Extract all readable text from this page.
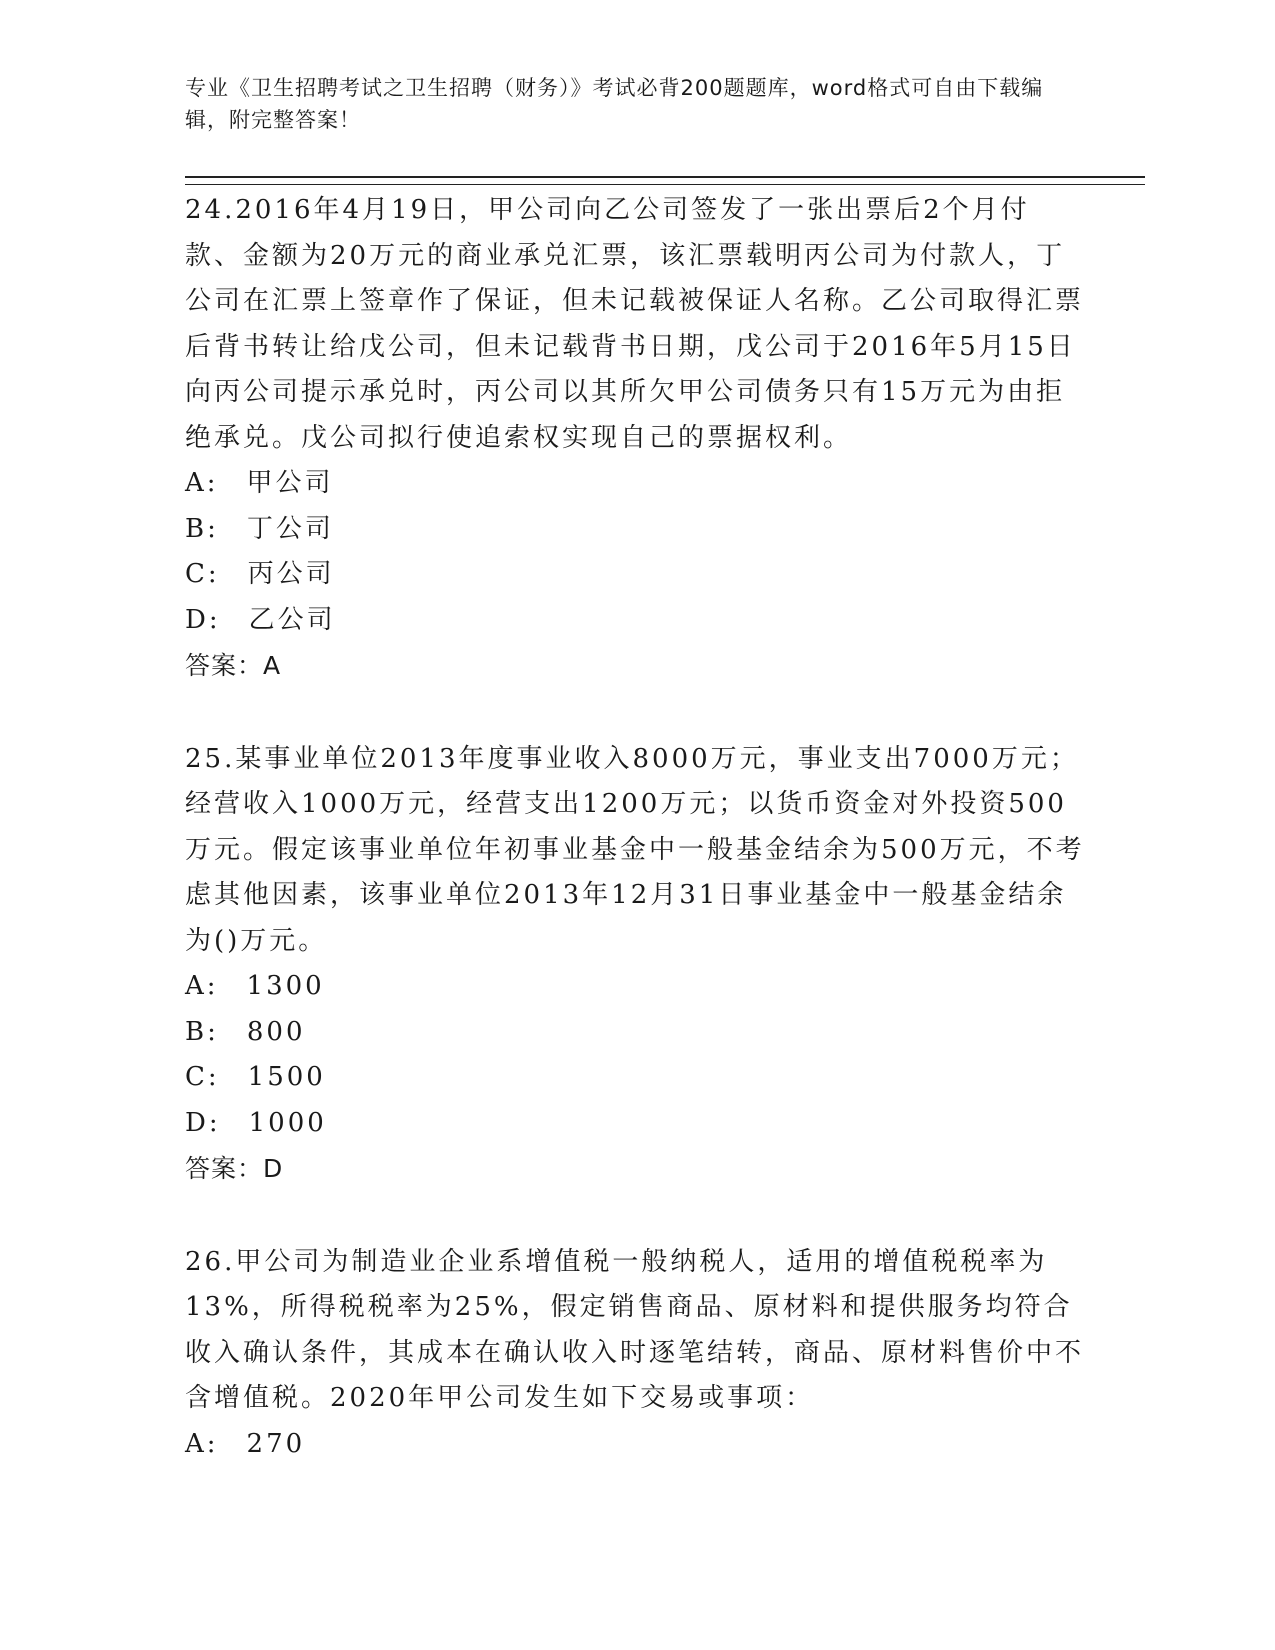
专业《卫生招聘考试之卫生招聘（财务）》考试必背200题题库，word格式可自由下载编辑，附完整答案！

24.2016年4月19日，甲公司向乙公司签发了一张出票后2个月付款、金额为20万元的商业承兑汇票，该汇票载明丙公司为付款人，丁公司在汇票上签章作了保证，但未记载被保证人名称。乙公司取得汇票后背书转让给戊公司，但未记载背书日期，戊公司于2016年5月15日向丙公司提示承兑时，丙公司以其所欠甲公司债务只有15万元为由拒绝承兑。戊公司拟行使追索权实现自己的票据权利。

A: 甲公司
B: 丁公司
C: 丙公司
D: 乙公司

答案：A

25.某事业单位2013年度事业收入8000万元，事业支出7000万元；经营收入1000万元，经营支出1200万元；以货币资金对外投资500万元。假定该事业单位年初事业基金中一般基金结余为500万元，不考虑其他因素，该事业单位2013年12月31日事业基金中一般基金结余为()万元。

A: 1300
B: 800
C: 1500
D: 1000

答案：D

26.甲公司为制造业企业系增值税一般纳税人，适用的增值税税率为13%，所得税税率为25%，假定销售商品、原材料和提供服务均符合收入确认条件，其成本在确认收入时逐笔结转，商品、原材料售价中不含增值税。2020年甲公司发生如下交易或事项：

A: 270
